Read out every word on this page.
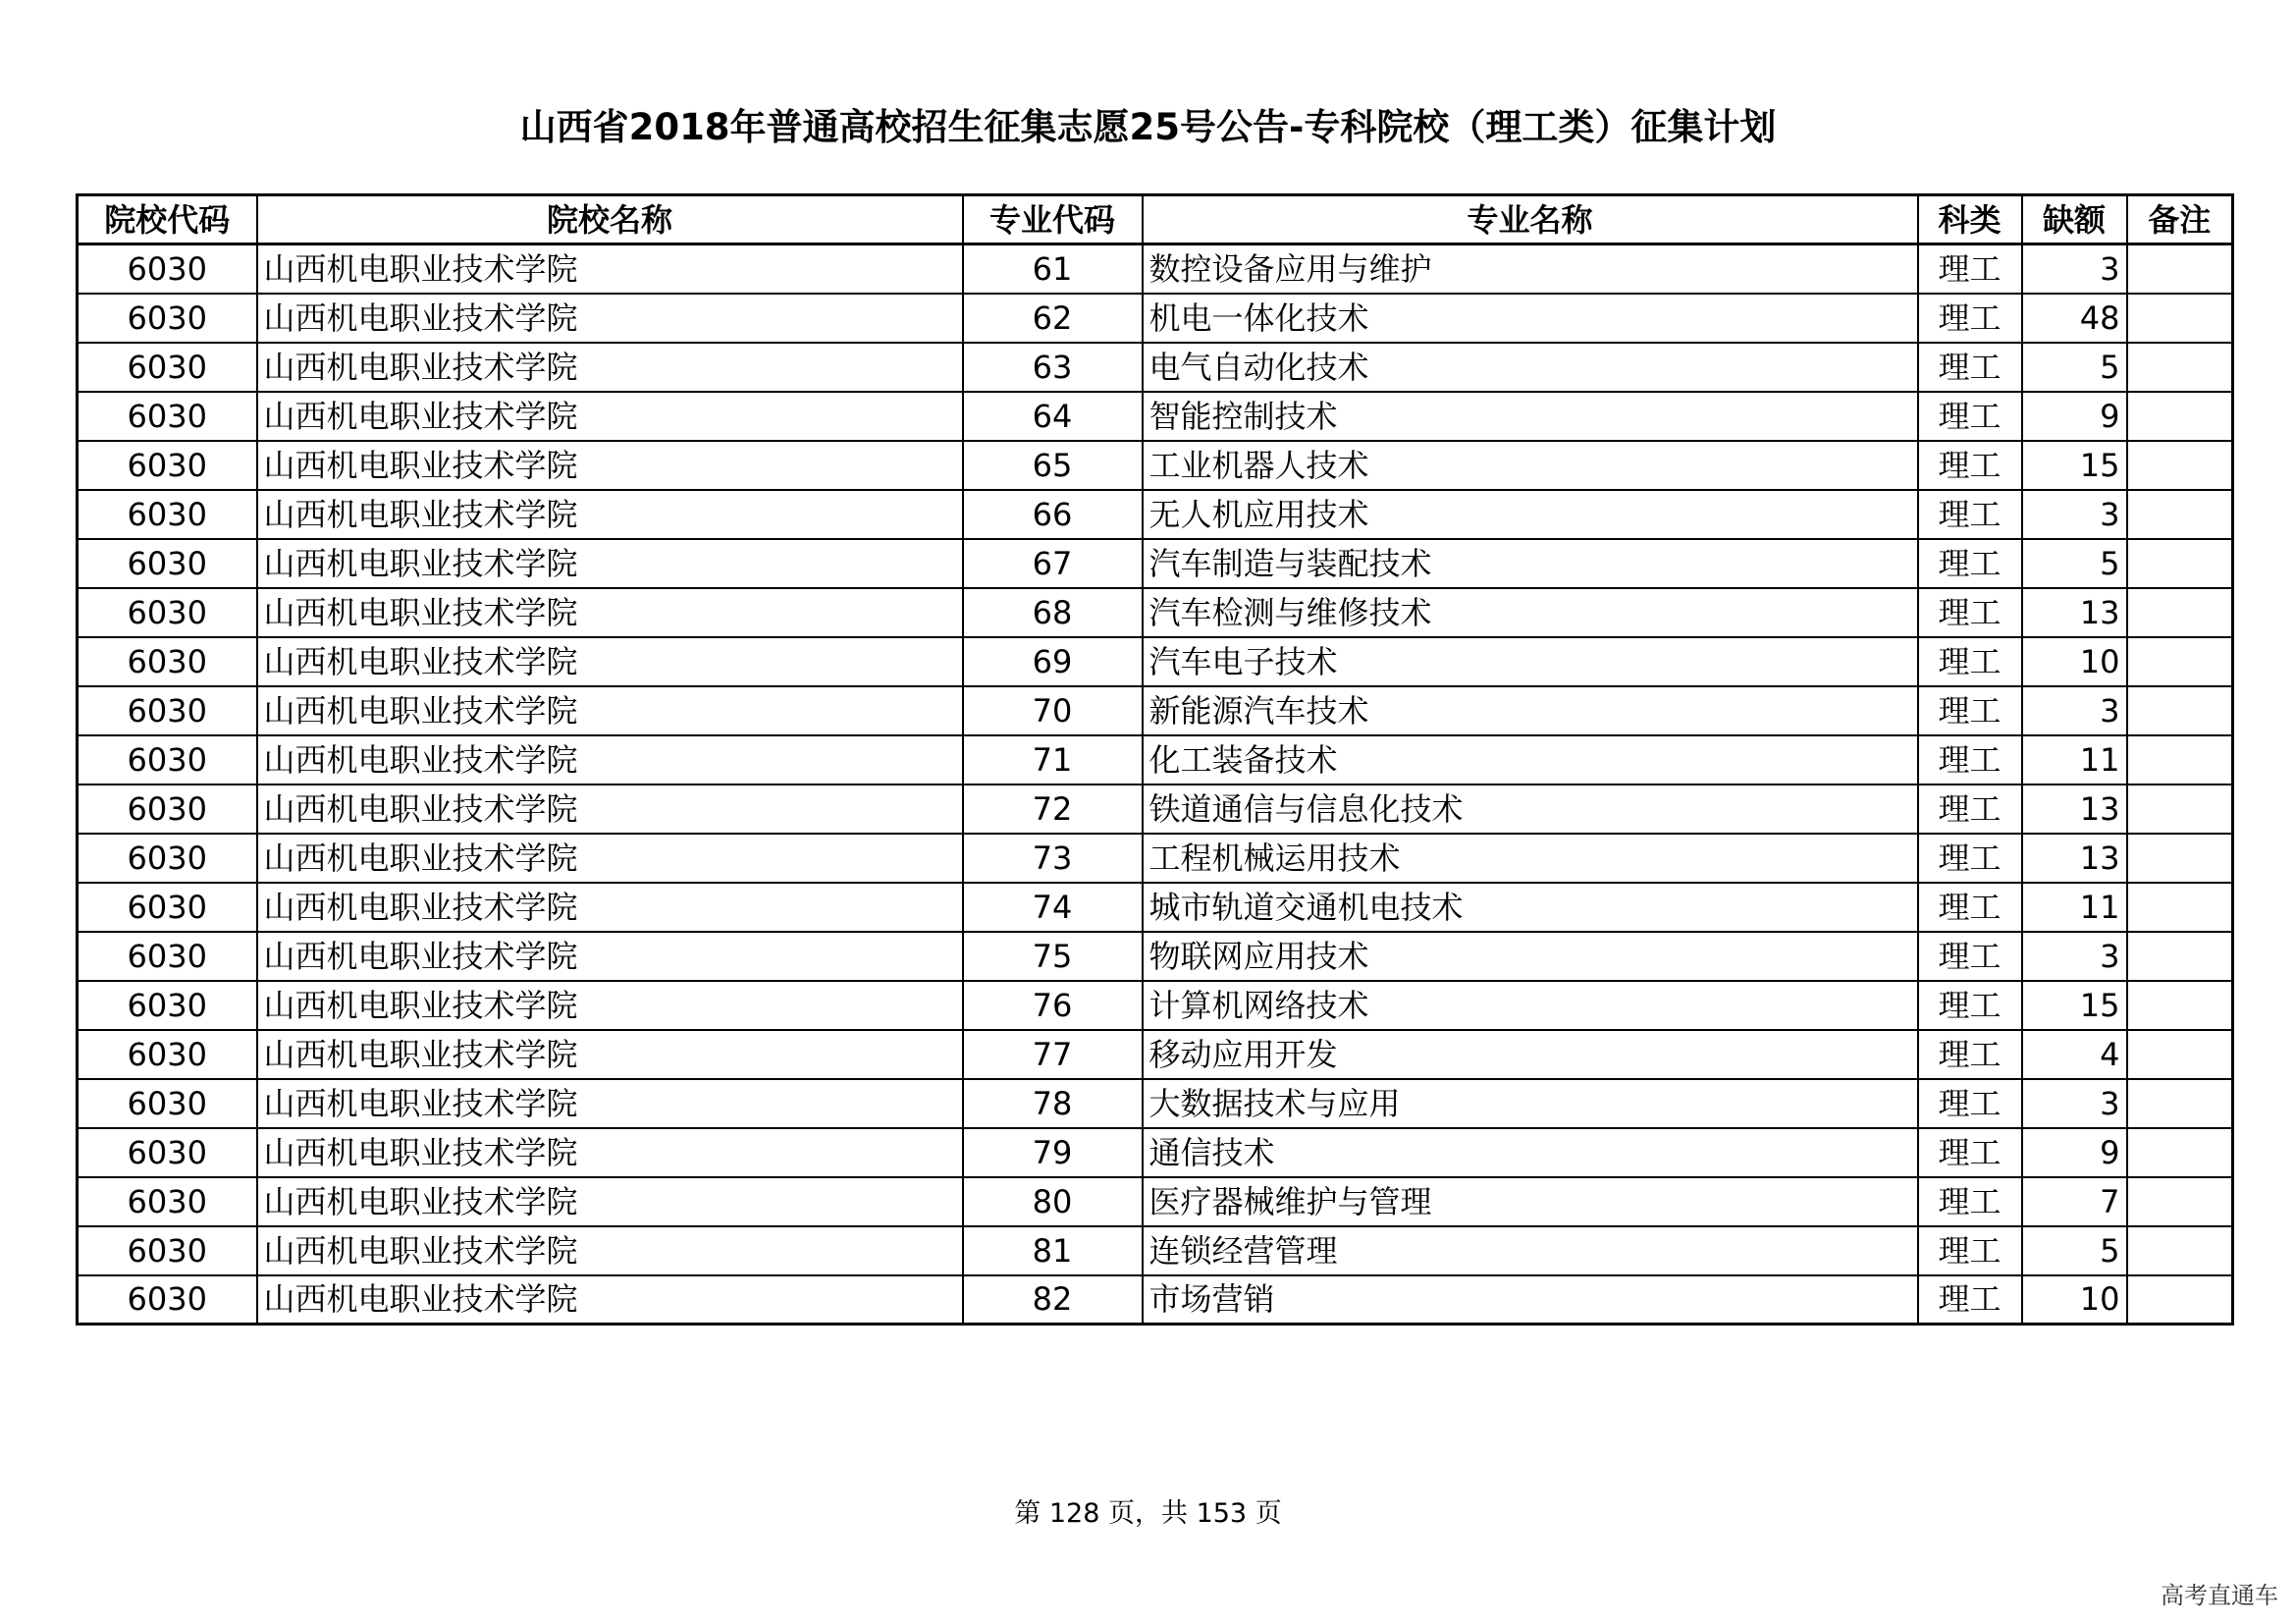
山西省2018年普通高校招生征集志愿25号公告-专科院校（理工类）征集计划
院校代码	院校名称	专业代码	专业名称	科类	缺额	备注
6030	山西机电职业技术学院	61	数控设备应用与维护	理工	3	
6030	山西机电职业技术学院	62	机电一体化技术	理工	48	
6030	山西机电职业技术学院	63	电气自动化技术	理工	5	
6030	山西机电职业技术学院	64	智能控制技术	理工	9	
6030	山西机电职业技术学院	65	工业机器人技术	理工	15	
6030	山西机电职业技术学院	66	无人机应用技术	理工	3	
6030	山西机电职业技术学院	67	汽车制造与装配技术	理工	5	
6030	山西机电职业技术学院	68	汽车检测与维修技术	理工	13	
6030	山西机电职业技术学院	69	汽车电子技术	理工	10	
6030	山西机电职业技术学院	70	新能源汽车技术	理工	3	
6030	山西机电职业技术学院	71	化工装备技术	理工	11	
6030	山西机电职业技术学院	72	铁道通信与信息化技术	理工	13	
6030	山西机电职业技术学院	73	工程机械运用技术	理工	13	
6030	山西机电职业技术学院	74	城市轨道交通机电技术	理工	11	
6030	山西机电职业技术学院	75	物联网应用技术	理工	3	
6030	山西机电职业技术学院	76	计算机网络技术	理工	15	
6030	山西机电职业技术学院	77	移动应用开发	理工	4	
6030	山西机电职业技术学院	78	大数据技术与应用	理工	3	
6030	山西机电职业技术学院	79	通信技术	理工	9	
6030	山西机电职业技术学院	80	医疗器械维护与管理	理工	7	
6030	山西机电职业技术学院	81	连锁经营管理	理工	5	
6030	山西机电职业技术学院	82	市场营销	理工	10	
第 128 页，共 153 页
高考直通车
